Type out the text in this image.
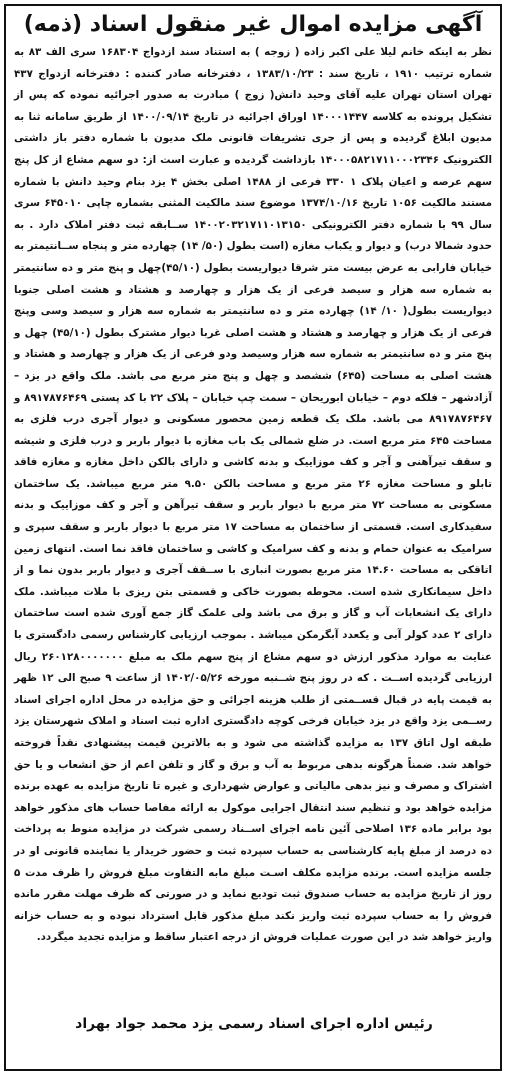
آگهی مزایده اموال غیر منقول اسناد (ذمه)
نظر به اینکه خانم لیلا علی اکبر زاده ( زوجه ) به استناد سند ازدواج ۱۶۸۳۰۴ سری الف ۸۳ به شماره ترتیب ۱۹۱۰ ، تاریخ سند : ۱۳۸۳/۱۰/۲۳ ، دفترخانه صادر کننده : دفترخانه ازدواج ۴۳۷ تهران استان تهران علیه آقای وحید دانش( زوج ) مبادرت به صدور اجرائیه نموده که پس از تشکیل پرونده به کلاسه ۱۴۰۰۰۱۴۴۷ اوراق اجرائیه در تاریخ ۱۴۰۰/۰۹/۱۴ از طریق سامانه ثنا به مدیون ابلاغ گردیده و پس از جری تشریفات قانونی ملک مدیون با شماره دفتر باز داشتی الکترونیک ۱۴۰۰۰۵۸۲۱۷۱۱۰۰۰۲۳۴۶ بازداشت گردیده و عبارت است از: دو سهم مشاع از کل پنج سهم عرصه و اعیان پلاک ۱ ۳۳۰ فرعی از ۱۴۸۸ اصلی بخش ۴ یزد بنام وحید دانش با شماره مستند مالکیت ۱۰۵۶ تاریخ ۱۳۷۴/۱۰/۱۶ موضوع سند مالکیت المثنی بشماره چاپی ۶۴۵۰۱۰ سری سال ۹۹ با شماره دفتر الکترونیکی ۱۴۰۰۲۰۳۲۱۷۱۱۰۱۳۱۵۰ ســابقه ثبت دفتر املاک دارد . به حدود شمالا درب) و دیوار و یکباب مغازه (است بطول (۵۰/ ۱۴) چهارده متر و پنجاه ســانتیمتر به خیابان فارابی به عرض بیست متر شرقا دیواریست بطول (۴۵/۱۰)چهل و پنج متر و ده سانتیمتر به شماره سه هزار و سیصد فرعی از یک هزار و چهارصد و هشتاد و هشت اصلی جنوبا دیواریست بطول( ۱۰/ ۱۴) چهارده متر و ده سانتیمتر به شماره سه هزار و سیصد وسی وپنج فرعی از یک هزار و چهارصد و هشتاد و هشت اصلی غربا دیوار مشترک بطول (۴۵/۱۰) چهل و پنج متر و ده سانتیمتر به شماره سه هزار وسیصد ودو فرعی از یک هزار و چهارصد و هشتاد و هشت اصلی به مساحت (۶۴۵) ششصد و چهل و پنج متر مربع می باشد. ملک واقع در یزد – آزادشهر – فلکه دوم – خیابان ابوریحان – سمت چپ خیابان – پلاک ۲۲ با کد پستی ۸۹۱۷۸۷۶۴۶۹ و ۸۹۱۷۸۷۶۴۶۷ می باشد. ملک یک قطعه زمین محصور مسکونی و دیوار آجری درب فلزی به مساحت ۶۴۵ متر مربع است. در ضلع شمالی یک باب مغازه با دیوار باربر و درب فلزی و شیشه و سقف تیرآهنی و آجر و کف موزاییک و بدنه کاشی و دارای بالکن داخل مغازه و مغازه فاقد تابلو و مساحت مغازه ۲۶ متر مربع و مساحت بالکن ۹.۵۰ متر مربع میباشد. یک ساختمان مسکونی به مساحت ۷۲ متر مربع با دیوار باربر و سقف تیرآهن و آجر و کف موزاییک و بدنه سفیدکاری است. قسمتی از ساختمان به مساحت ۱۷ متر مربع با دیوار باربر و سقف سپری و سرامیک به عنوان حمام و بدنه و کف سرامیک و کاشی و ساختمان فاقد نما است. انتهای زمین اتاقکی به مساحت ۱۴.۶۰ متر مربع بصورت انباری با ســقف آجری و دیوار باربر بدون نما و از داخل سیمانکاری شده است. محوطه بصورت خاکی و قسمتی بتن ریزی با ملات میباشد. ملک دارای یک انشعابات آب و گاز و برق می باشد ولی علمک گاز جمع آوری شده است ساختمان دارای ۲ عدد کولر آبی و یکعدد آبگرمکن میباشد . بموجب ارزیابی کارشناس رسمی دادگستری با عنایت به موارد مذکور ارزش دو سهم مشاع از پنج سهم ملک به مبلغ ۲۶۰۱۲۸۰۰۰۰۰۰۰ ریال ارزیابی گردیده اســت . که در روز پنج شــنبه مورخه ۱۴۰۲/۰۵/۲۶ از ساعت ۹ صبح الی ۱۲ ظهر به قیمت پایه در قبال قســمتی از طلب هزینه اجرائی و حق مزایده در محل اداره اجرای اسناد رســمی یزد واقع در یزد خیابان فرخی کوچه دادگستری اداره ثبت اسناد و املاک شهرستان یزد طبقه اول اتاق ۱۳۷ به مزایده گذاشته می شود و به بالاترین قیمت پیشنهادی نقداً فروخته خواهد شد. ضمناً هرگونه بدهی مربوط به آب و برق و گاز و تلفن اعم از حق انشعاب و یا حق اشتراک و مصرف و نیز بدهی مالیاتی و عوارض شهرداری و غیره تا تاریخ مزایده به عهده برنده مزایده خواهد بود و تنظیم سند انتقال اجرایی موکول به ارائه مفاصا حساب های مذکور خواهد بود برابر ماده ۱۳۶ اصلاحی آئین نامه اجرای اســناد رسمی شرکت در مزایده منوط به پرداخت ده درصد از مبلغ پایه کارشناسی به حساب سپرده ثبت و حضور خریدار یا نماینده قانونی او در جلسه مزایده است. برنده مزایده مکلف اسـت مبلغ مابه التفاوت مبلغ فروش را ظرف مدت ۵ روز از تاریخ مزایده به حساب صندوق ثبت تودیع نماید و در صورتی که ظرف مهلت مقرر مانده فروش را به حساب سپرده ثبت واریز نکند مبلغ مذکور قابل استرداد نبوده و به حساب خزانه واریز خواهد شد در این صورت عملیات فروش از درجه اعتبار ساقط و مزایده تجدید میگردد.
رئیس اداره اجرای اسناد رسمی یزد محمد جواد بهراد
